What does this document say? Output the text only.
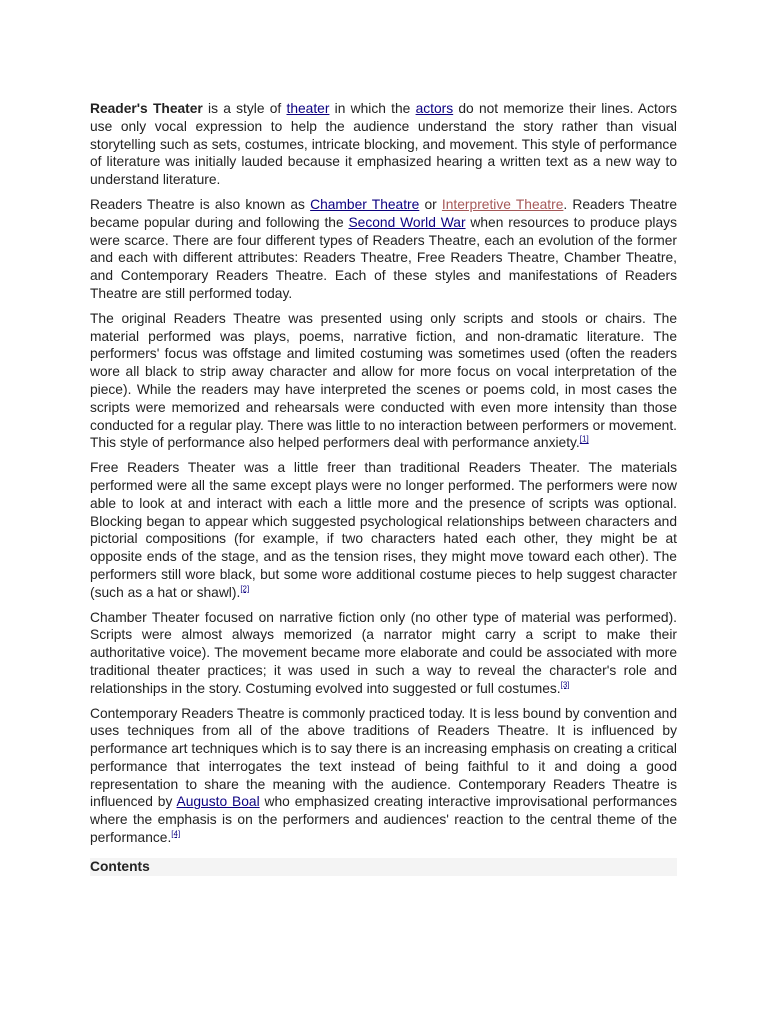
Reader's Theater is a style of theater in which the actors do not memorize their lines. Actors use only vocal expression to help the audience understand the story rather than visual storytelling such as sets, costumes, intricate blocking, and movement. This style of performance of literature was initially lauded because it emphasized hearing a written text as a new way to understand literature.

Readers Theatre is also known as Chamber Theatre or Interpretive Theatre. Readers Theatre became popular during and following the Second World War when resources to produce plays were scarce. There are four different types of Readers Theatre, each an evolution of the former and each with different attributes: Readers Theatre, Free Readers Theatre, Chamber Theatre, and Contemporary Readers Theatre. Each of these styles and manifestations of Readers Theatre are still performed today.

The original Readers Theatre was presented using only scripts and stools or chairs. The material performed was plays, poems, narrative fiction, and non-dramatic literature. The performers' focus was offstage and limited costuming was sometimes used (often the readers wore all black to strip away character and allow for more focus on vocal interpretation of the piece). While the readers may have interpreted the scenes or poems cold, in most cases the scripts were memorized and rehearsals were conducted with even more intensity than those conducted for a regular play. There was little to no interaction between performers or movement. This style of performance also helped performers deal with performance anxiety.[1]

Free Readers Theater was a little freer than traditional Readers Theater. The materials performed were all the same except plays were no longer performed. The performers were now able to look at and interact with each a little more and the presence of scripts was optional. Blocking began to appear which suggested psychological relationships between characters and pictorial compositions (for example, if two characters hated each other, they might be at opposite ends of the stage, and as the tension rises, they might move toward each other). The performers still wore black, but some wore additional costume pieces to help suggest character (such as a hat or shawl).[2]

Chamber Theater focused on narrative fiction only (no other type of material was performed). Scripts were almost always memorized (a narrator might carry a script to make their authoritative voice). The movement became more elaborate and could be associated with more traditional theater practices; it was used in such a way to reveal the character's role and relationships in the story. Costuming evolved into suggested or full costumes.[3]

Contemporary Readers Theatre is commonly practiced today. It is less bound by convention and uses techniques from all of the above traditions of Readers Theatre. It is influenced by performance art techniques which is to say there is an increasing emphasis on creating a critical performance that interrogates the text instead of being faithful to it and doing a good representation to share the meaning with the audience. Contemporary Readers Theatre is influenced by Augusto Boal who emphasized creating interactive improvisational performances where the emphasis is on the performers and audiences' reaction to the central theme of the performance.[4]

Contents
